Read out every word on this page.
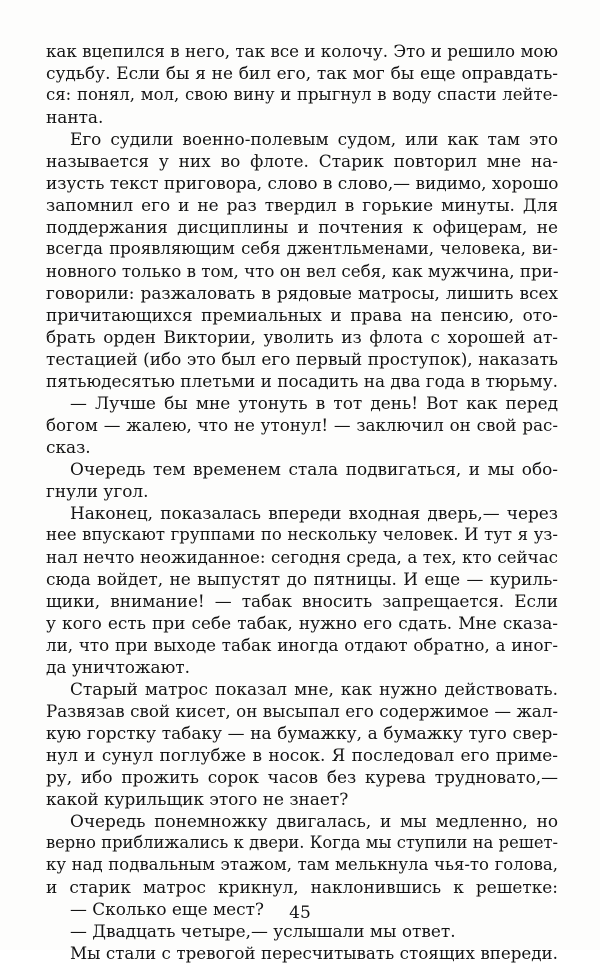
как вцепился в него, так все и колочу. Это и решило мою
судьбу. Если бы я не бил его, так мог бы еще оправдать-
ся: понял, мол, свою вину и прыгнул в воду спасти лейте-
нанта.
Его судили военно-полевым судом, или как там это
называется у них во флоте. Старик повторил мне на-
изусть текст приговора, слово в слово,— видимо, хорошо
запомнил его и не раз твердил в горькие минуты. Для
поддержания дисциплины и почтения к офицерам, не
всегда проявляющим себя джентльменами, человека, ви-
новного только в том, что он вел себя, как мужчина, при-
говорили: разжаловать в рядовые матросы, лишить всех
причитающихся премиальных и права на пенсию, отo-
брать орден Виктории, уволить из флота с хорошей ат-
тестацией (ибо это был его первый проступок), наказать
пятьюдесятью плетьми и посадить на два года в тюрьму.
— Лучше бы мне утонуть в тот день! Вот как перед
богом — жалею, что не утонул! — заключил он свой рас-
сказ.
Очередь тем временем стала подвигаться, и мы обо-
гнули угол.
Наконец, показалась впереди входная дверь,— через
нее впускают группами по нескольку человек. И тут я уз-
нал нечто неожиданное: сегодня среда, а тех, кто сейчас
сюда войдет, не выпустят до пятницы. И еще — куриль-
щики, внимание! — табак вносить запрещается. Если
у кого есть при себе табак, нужно его сдать. Мне сказа-
ли, что при выходе табак иногда отдают обратно, а иног-
да уничтожают.
Старый матрос показал мне, как нужно действовать.
Развязав свой кисет, он высыпал его содержимое — жал-
кую горстку табаку — на бумажку, а бумажку туго свер-
нул и сунул поглубже в носок. Я последовал его приме-
ру, ибо прожить сорок часов без курева трудновато,—
какой курильщик этого не знает?
Очередь понемножку двигалась, и мы медленно, но
верно приближались к двери. Когда мы ступили на решет-
ку над подвальным этажом, там мелькнула чья-то голова,
и старик матрос крикнул, наклонившись к решетке:
— Сколько еще мест?
— Двадцать четыре,— услышали мы ответ.
Мы стали с тревогой пересчитывать стоящих впереди.
45
